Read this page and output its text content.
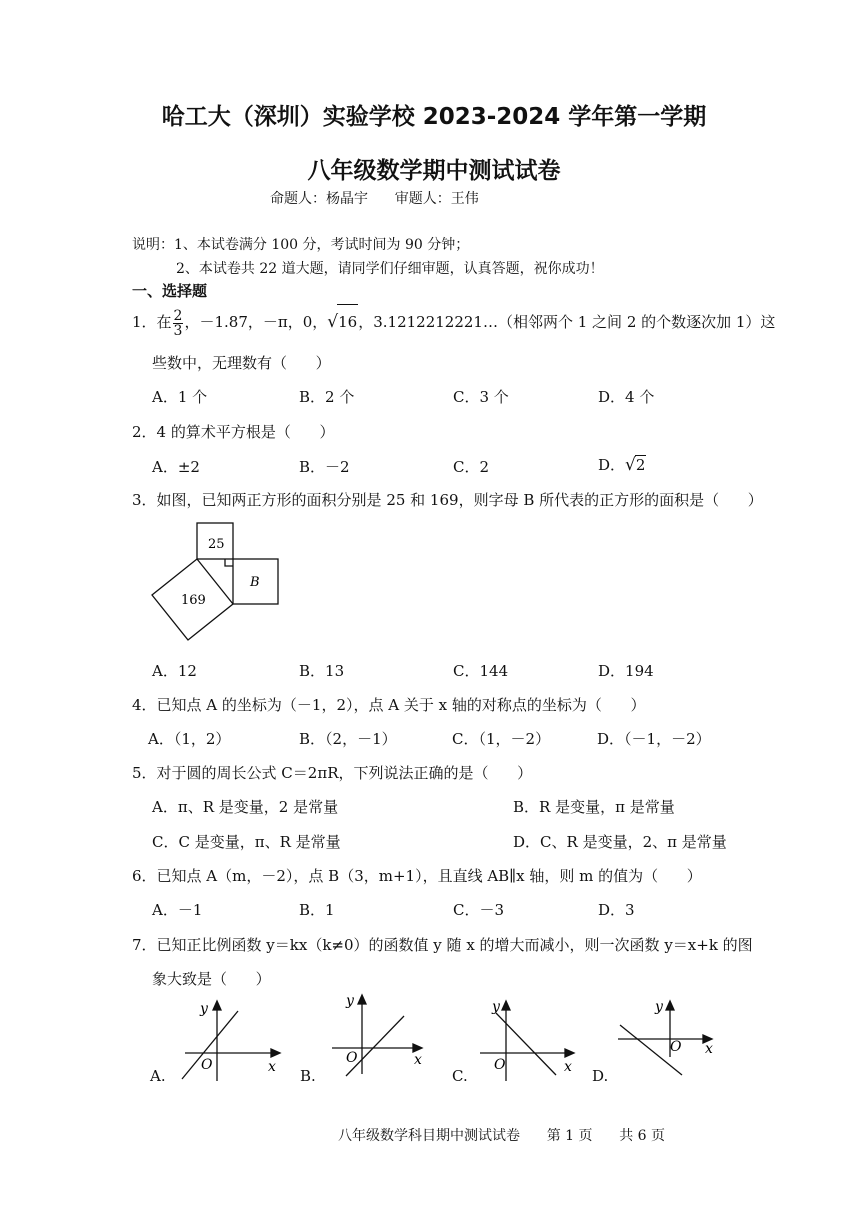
哈工大（深圳）实验学校 2023-2024 学年第一学期
八年级数学期中测试试卷
命题人：杨晶宇      审题人：王伟
说明：1、本试卷满分 100 分，考试时间为 90 分钟；
2、本试卷共 22 道大题，请同学们仔细审题，认真答题，祝你成功！
一、选择题
1．在 $\frac{2}{3}$ ，－1.87，－π，0，√16，3.1212212221…（相邻两个 1 之间 2 的个数逐次加 1）这
些数中，无理数有（      ）
A．1 个	B．2 个	C．3 个	D．4 个
2．4 的算术平方根是（      ）
A．±2	B．－2	C．2	D．√2
3．如图，已知两正方形的面积分别是 25 和 169，则字母 B 所代表的正方形的面积是（      ）
25
169
B
A．12	B．13	C．144	D．194
4．已知点 A 的坐标为（－1，2），点 A 关于 x 轴的对称点的坐标为（      ）
A．（1，2）	B．（2，－1）	C．（1，－2）	D．（－1，－2）
5．对于圆的周长公式 C＝2πR，下列说法正确的是（      ）
A．π、R 是变量，2 是常量	B．R 是变量，π 是常量
C．C 是变量，π、R 是常量	D．C、R 是变量，2、π 是常量
6．已知点 A（m，－2），点 B（3，m+1），且直线 AB∥x 轴，则 m 的值为（      ）
A．－1	B．1	C．－3	D．3
7．已知正比例函数 y＝kx（k≠0）的函数值 y 随 x 的增大而减小，则一次函数 y＝x+k 的图
象大致是（      ）
A.
y
x
O
B.
y
x
O
C.
y
x
O
D.
y
x
O
八年级数学科目期中测试试卷      第 1 页      共 6 页
